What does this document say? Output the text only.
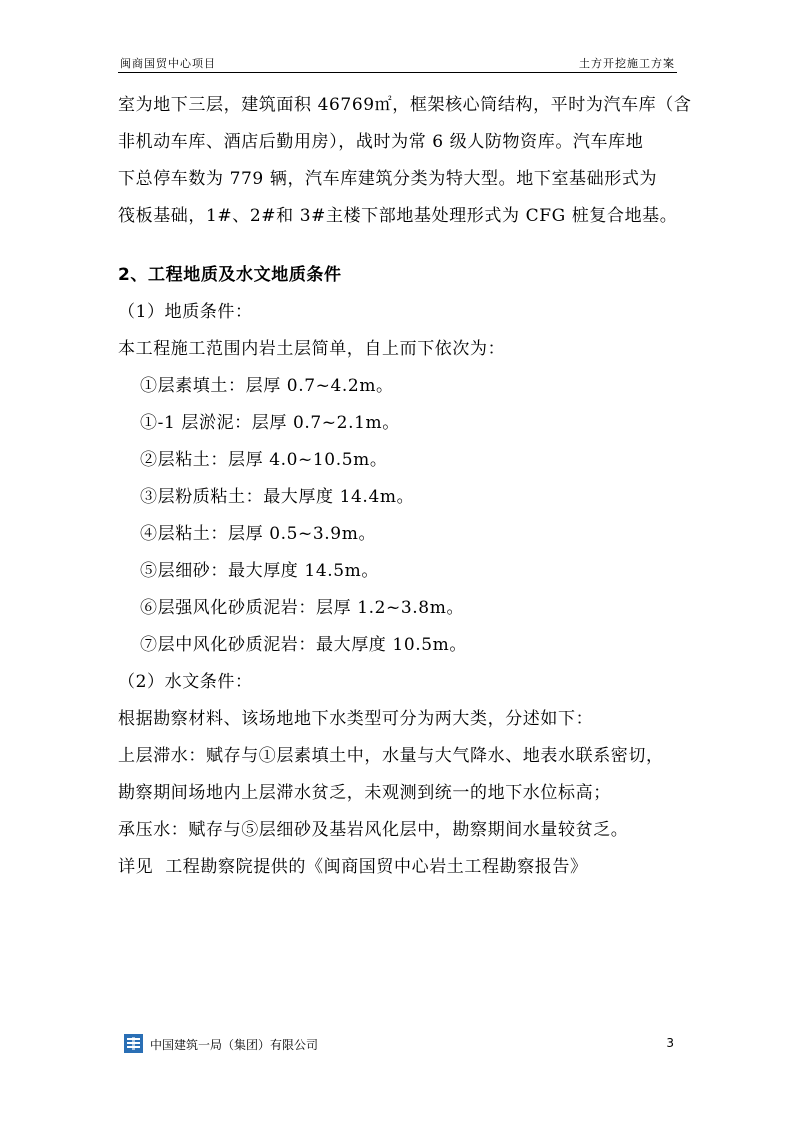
闽商国贸中心项目	土方开挖施工方案
室为地下三层，建筑面积 46769㎡，框架核心筒结构，平时为汽车库（含
非机动车库、酒店后勤用房），战时为常 6 级人防物资库。汽车库地
下总停车数为 779 辆，汽车库建筑分类为特大型。地下室基础形式为
筏板基础，1#、2#和 3#主楼下部地基处理形式为 CFG 桩复合地基。
2、工程地质及水文地质条件
（1）地质条件：
本工程施工范围内岩土层简单，自上而下依次为：
①层素填土：层厚 0.7~4.2m。
①-1 层淤泥：层厚 0.7~2.1m。
②层粘土：层厚 4.0~10.5m。
③层粉质粘土：最大厚度 14.4m。
④层粘土：层厚 0.5~3.9m。
⑤层细砂：最大厚度 14.5m。
⑥层强风化砂质泥岩：层厚 1.2~3.8m。
⑦层中风化砂质泥岩：最大厚度 10.5m。
（2）水文条件：
根据勘察材料、该场地地下水类型可分为两大类，分述如下：
上层滞水：赋存与①层素填土中，水量与大气降水、地表水联系密切，
勘察期间场地内上层滞水贫乏，未观测到统一的地下水位标高；
承压水：赋存与⑤层细砂及基岩风化层中，勘察期间水量较贫乏。
详见  工程勘察院提供的《闽商国贸中心岩土工程勘察报告》
中国建筑一局（集团）有限公司	3
